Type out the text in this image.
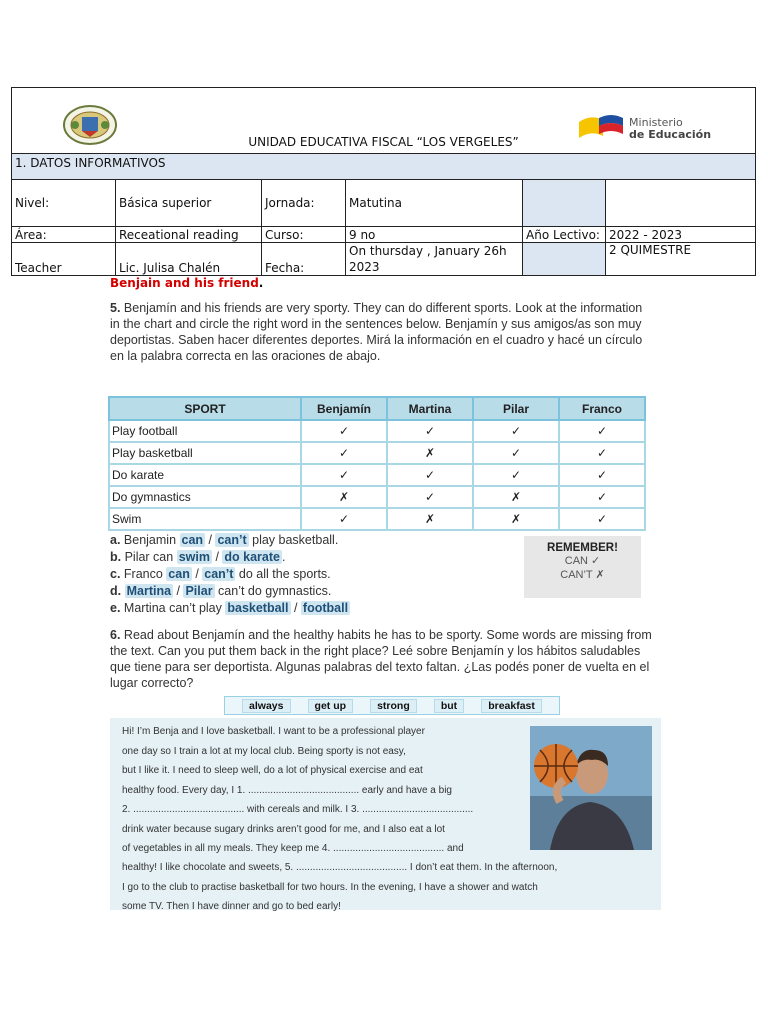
UNIDAD EDUCATIVA FISCAL “LOS VERGELES”
Ministerio
de Educación					

1. DATOS INFORMATIVOS					
Nivel:	Básica superior	Jornada:	Matutina		
Área:	Receational reading	Curso:	9 no	Año Lectivo:	2022 - 2023
Teacher	Lic. Julisa Chalén	Fecha:	On thursday , January 26h 2023		2 QUIMESTRE
Benjain and his friend.
5. Benjamín and his friends are very sporty. They can do different sports. Look at the information in the chart and circle the right word in the sentences below. Benjamín y sus amigos/as son muy deportistas. Saben hacer diferentes deportes. Mirá la información en el cuadro y hacé un círculo en la palabra correcta en las oraciones de abajo.
SPORT	Benjamín	Martina	Pilar	Franco
Play football	✓	✓	✓	✓
Play basketball	✓	✗	✓	✓
Do karate	✓	✓	✓	✓
Do gymnastics	✗	✓	✗	✓
Swim	✓	✗	✗	✓
a. Benjamin can / can’t play basketball.
b. Pilar can swim / do karate .
c. Franco can / can’t do all the sports.
d. Martina / Pilar can’t do gymnastics.
e. Martina can’t play basketball / football
REMEMBER!
CAN ✓
CAN’T ✗
6. Read about Benjamín and the healthy habits he has to be sporty. Some words are missing from the text. Can you put them back in the right place? Leé sobre Benjamín y los hábitos saludables que tiene para ser deportista. Algunas palabras del texto faltan. ¿Las podés poner de vuelta en el lugar correcto?
always	get up	strong	but	breakfast
Hi! I’m Benja and I love basketball. I want to be a professional player
one day so I train a lot at my local club. Being sporty is not easy,
but I like it. I need to sleep well, do a lot of physical exercise and eat
healthy food. Every day, I 1. ........................................ early and have a big
2. ........................................ with cereals and milk. I 3. ........................................
drink water because sugary drinks aren’t good for me, and I also eat a lot
of vegetables in all my meals. They keep me 4. ........................................ and
healthy! I like chocolate and sweets, 5. ........................................ I don’t eat them. In the afternoon,
I go to the club to practise basketball for two hours. In the evening, I have a shower and watch
some TV. Then I have dinner and go to bed early!
